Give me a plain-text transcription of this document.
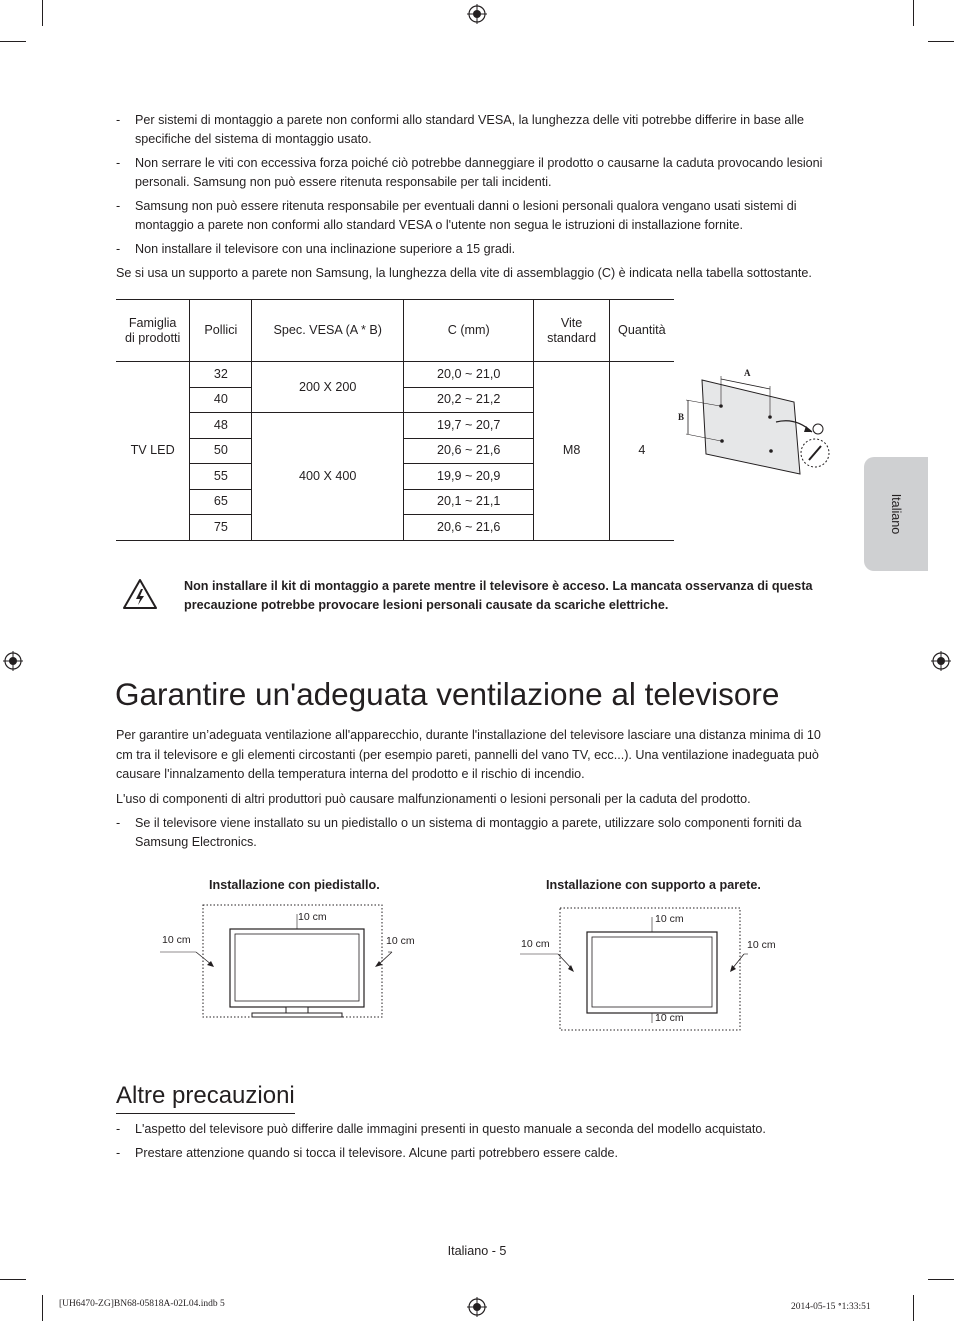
- Per sistemi di montaggio a parete non conformi allo standard VESA, la lunghezza delle viti potrebbe differire in base alle specifiche del sistema di montaggio usato.
- Non serrare le viti con eccessiva forza poiché ciò potrebbe danneggiare il prodotto o causarne la caduta provocando lesioni personali. Samsung non può essere ritenuta responsabile per tali incidenti.
- Samsung non può essere ritenuta responsabile per eventuali danni o lesioni personali qualora vengano usati sistemi di montaggio a parete non conformi allo standard VESA o l'utente non segua le istruzioni di installazione fornite.
- Non installare il televisore con una inclinazione superiore a 15 gradi.
Se si usa un supporto a parete non Samsung, la lunghezza della vite di assemblaggio (C) è indicata nella tabella sottostante.
Famiglia di prodotti	Pollici	Spec. VESA (A * B)	C (mm)	Vite standard	Quantità
TV LED	32	200 X 200	20,0 ~ 21,0	M8	4
	40		20,2 ~ 21,2		
	48	400 X 400	19,7 ~ 20,7		
	50		20,6 ~ 21,6		
	55		19,9 ~ 20,9		
	65		20,1 ~ 21,1		
	75		20,6 ~ 21,6		
A
B
Non installare il kit di montaggio a parete mentre il televisore è acceso. La mancata osservanza di questa precauzione potrebbe provocare lesioni personali causate da scariche elettriche.
Garantire un'adeguata ventilazione al televisore
Per garantire un’adeguata ventilazione all'apparecchio, durante l'installazione del televisore lasciare una distanza minima di 10 cm tra il televisore e gli elementi circostanti (per esempio pareti, pannelli del vano TV, ecc...). Una ventilazione inadeguata può causare l'innalzamento della temperatura interna del prodotto e il rischio di incendio.
L'uso di componenti di altri produttori può causare malfunzionamenti o lesioni personali per la caduta del prodotto.
- Se il televisore viene installato su un piedistallo o un sistema di montaggio a parete, utilizzare solo componenti forniti da Samsung Electronics.
Installazione con piedistallo.
10 cm
10 cm	10 cm
Installazione con supporto a parete.
10 cm
10 cm	10 cm
10 cm
Altre precauzioni
- L'aspetto del televisore può differire dalle immagini presenti in questo manuale a seconda del modello acquistato.
- Prestare attenzione quando si tocca il televisore. Alcune parti potrebbero essere calde.
Italiano
Italiano - 5
[UH6470-ZG]BN68-05818A-02L04.indb 5	2014-05-15 ꢀ1:33:51
